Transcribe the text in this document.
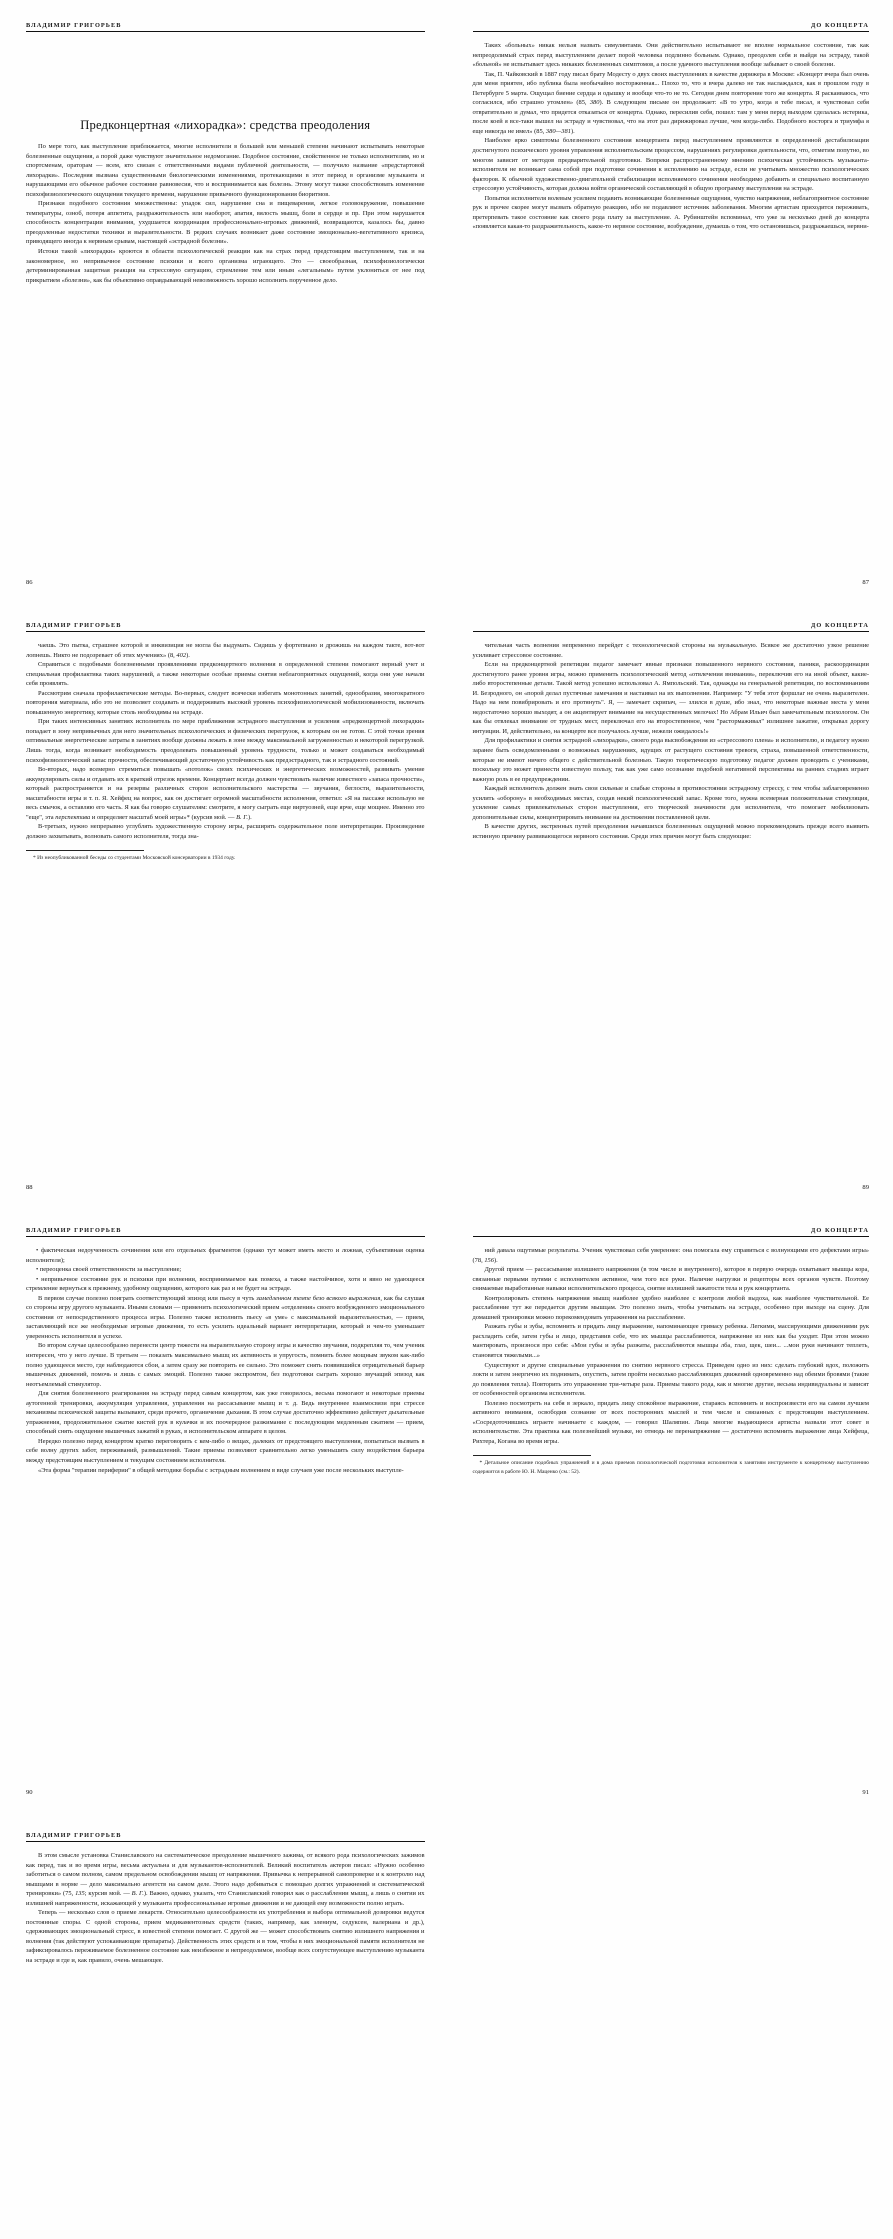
ВЛАДИМИР ГРИГОРЬЕВ
Предконцертная «лихорадка»: средства преодоления

По мере того, как выступление приближается, многие исполнители в большей или меньшей степени начинают испытывать некоторые болезненные ощущения, а порой даже чувствуют значительное недомогание. Подобное состояние, свойственное не только исполнителям, но и спортсменам, ораторам — всем, кто связан с ответственными видами публичной деятельности, — получило название «предстартовой лихорадки». Последняя вызвана существенными биологическими изменениями, протекающими в этот период в организме музыканта и нарушающими его обычное рабочее состояние равновесия, что и воспринимается как болезнь. Этому могут также способствовать изменение психофизиологического ощущения текущего времени, нарушение привычного функционирования биоритмов.

Признаки подобного состояния множественны: упадок сил, нарушение сна и пищеварения, легкое головокружение, повышение температуры, озноб, потеря аппетита, раздражительность или наоборот, апатия, вялость мышц, боли в сердце и пр. При этом нарушается способность концентрации внимания, ухудшается координация профессионально-игровых движений, возвращаются, казалось бы, давно преодоленные недостатки техники и выразительности. В редких случаях возникает даже состояние эмоционально-вегетативного кризиса, приводящего иногда к нервным срывам, настоящей «эстрадной болезни».

Истоки такой «лихорадки» кроются в области психологической реакции как на страх перед предстоящим выступлением, так и на закономерное, но непривычное состояние психики и всего организма играющего. Это — своеобразная, психофизиологически детерминированная защитная реакция на стрессовую ситуацию, стремление тем или иным «легальным» путем уклониться от нее под прикрытием «болезни», как бы объективно оправдывающей невозможность хорошо исполнить порученное дело.

86
ДО КОНЦЕРТА

Таких «больных» никак нельзя назвать симулянтами. Они действительно испытывают не вполне нормальное состояние, так как непреодолимый страх перед выступлением делает порой человека подлинно больным. Однако, преодолев себя и выйдя на эстраду, такой «больной» не испытывает здесь никаких болезненных симптомов, а после удачного выступления вообще забывает о своей болезни.

Так, П. Чайковский в 1887 году писал брату Модесту о двух своих выступлениях в качестве дирижера в Москве: «Концерт вчера был очень для меня приятен, ибо публика была необычайно восторженная... Плохо то, что я вчера далеко не так наслаждался, как в прошлом году в Петербурге 5 марта. Ощущал биение сердца и одышку и вообще что-то не то. Сегодня днем повторение того же концерта. Я раскаиваюсь, что согласился, ибо страшно утомлен» (85, 380). В следующем письме он продолжает: «В то утро, когда я тебе писал, я чувствовал себя отвратительно и думал, что придется отказаться от концерта. Однако, пересилив себя, пошел: там у меня перед выходом сделалась истерика, после коей я все-таки вышел на эстраду и чувствовал, что на этот раз дирижировал лучше, чем когда-либо. Подобного восторга и триумфа я еще никогда не имел» (85, 380—381).

Наиболее ярко симптомы болезненного состояния концертанта перед выступлением проявляются в определенной дестабилизации достигнутого психического уровня управления исполнительским процессом, нарушениях регулировки деятельности, что, отметим попутно, во многом зависит от методов предварительной подготовки. Вопреки распространенному мнению психическая устойчивость музыканта-исполнителя не возникает сама собой при подготовке сочинения к исполнению на эстраде, если не учитывать множество психологических факторов. К обычной художественно-двигательной стабилизации исполняемого сочинения необходимо добавить и специально воспитанную стрессовую устойчивость, которая должна войти органической составляющей в общую программу выступления на эстраде.

Попытки исполнителя волевым усилием подавить возникающие болезненные ощущения, чувство напряжения, неблагоприятное состояние рук и прочее скорее могут вызвать обратную реакцию, ибо не подавляют источник заболевания. Многим артистам приходится переживать, претерпевать такое состояние как своего рода плату за выступление. А. Рубинштейн вспоминал, что уже за несколько дней до концерта «появляется какая-то раздражительность, какое-то нервное состояние, возбуждение, думаешь о том, что остановишься, раздражаешься, нервни-

87
ВЛАДИМИР ГРИГОРЬЕВ

чаешь. Это пытка, страшнее которой и инквизиция не могла бы выдумать. Сидишь у фортепиано и дрожишь на каждом такте, вот-вот лопнешь. Никто не подозревает об этих мучениях» (8, 402).

Справиться с подобными болезненными проявлениями предконцертного волнения в определенной степени помогают верный учет и специальная профилактика таких нарушений, а также некоторые особые приемы снятия неблагоприятных ощущений, когда они уже начали себя проявлять.

Рассмотрим сначала профилактические методы. Во-первых, следует всячески избегать монотонных занятий, однообразия, многократного повторения материала, ибо это не позволяет создавать и поддерживать высокий уровень психофизиологической мобилизованности, включать повышенную энергетику, которые столь необходимы на эстраде.

При таких интенсивных занятиях исполнитель по мере приближения эстрадного выступления и усиления «предконцертной лихорадки» попадает в зону непривычных для него значительных психологических и физических перегрузок, к которым он не готов. С этой точки зрения оптимальные энергетические затраты в занятиях вообще должны лежать в зоне между максимальной загруженностью и некоторой перегрузкой. Лишь тогда, когда возникает необходимость преодолевать повышенный уровень трудности, только и может создаваться необходимый психофизиологический запас прочности, обеспечивающий достаточную устойчивость как предэстрадного, так и эстрадного состояний.

Во-вторых, надо всемерно стремиться повышать «потолок» своих психических и энергетических возможностей, развивать умение аккумулировать силы и отдавать их в краткий отрезок времени. Концертант всегда должен чувствовать наличие известного «запаса прочности», который распространяется и на резервы различных сторон исполнительского мастерства — звучания, беглости, выразительности, масштабности игры и т. п. Я. Хейфец на вопрос, как он достигает огромной масштабности исполнения, ответил: «Я на пассаже использую не весь смычок, а оставляю его часть. Я как бы говорю слушателям: смотрите, я могу сыграть еще виртуозней, еще ярче, еще мощнее. Именно это "еще", эта перспектива и определяет масштаб моей игры»* (курсив мой. — В. Г.).

В-третьих, нужно непрерывно углублять художественную сторону игры, расширять содержательное поле интерпретации. Произведение должно захватывать, волновать самого исполнителя, тогда зна-

* Из неопубликованной беседы со студентами Московской консерватории в 1934 году.

88
ДО КОНЦЕРТА

чительная часть волнения непременно перейдет с технологической стороны на музыкальную. Всякое же достаточно узкое решение усиливает стрессовое состояние.

Если на предконцертной репетиции педагог замечает явные признаки повышенного нервного состояния, паники, раскоординации достигнутого ранее уровня игры, можно применить психологический метод «отвлечения внимания», переключив его на иной объект, какие-либо второстепенные детали. Такой метод успешно использовал А. Ямпольский. Так, однажды на генеральной репетиции, по воспоминаниям И. Безродного, он «порой делал пустячные замечания и настаивал на их выполнении. Например: "У тебя этот форшлаг не очень выразителен. Надо на нем повибрировать и его протянуть". Я, — замечает скрипач, — злился в душе, ибо знал, что некоторые важные места у меня недостаточно хорошо выходят, а он акцентирует внимание на несущественных мелочах! Но Абрам Ильич был замечательным психологом. Он как бы отвлекал внимание от трудных мест, переключал его на второстепенное, чем "растормаживал" излишнее зажатие, открывал дорогу интуиции. И, действительно, на концерте все получалось лучше, нежели ожидалось!»

Для профилактики и снятия эстрадной «лихорадки», своего рода высвобождения из «стрессового плена» и исполнителю, и педагогу нужно заранее быть осведомленными о возможных нарушениях, идущих от растущего состояния тревоги, страха, повышенной ответственности, которые не имеют ничего общего с действительной болезнью. Такую теоретическую подготовку педагог должен проводить с учениками, поскольку это может принести известную пользу, так как уже само осознание подобной негативной перспективы на ранних стадиях играет важную роль в ее предупреждении.

Каждый исполнитель должен знать свои сильные и слабые стороны в противостоянии эстрадному стрессу, с тем чтобы заблаговременно усилить «оборону» в необходимых местах, создав некий психологический запас. Кроме того, нужна всемерная положительная стимуляция, усиление самых привлекательных сторон выступления, его творческой значимости для исполнителя, что помогает мобилизовать дополнительные силы, концентрировать внимание на достижении поставленной цели.

В качестве других, экстренных путей преодоления начавшихся болезненных ощущений можно порекомендовать прежде всего выявить истинную причину развивающегося нервного состояния. Среди этих причин могут быть следующие:

89
ВЛАДИМИР ГРИГОРЬЕВ

• фактическая недоученность сочинения или его отдельных фрагментов (однако тут может иметь место и ложная, субъективная оценка исполнителя);

• переоценка своей ответственности за выступление;

• непривычное состояние рук и психики при волнении, воспринимаемое как помеха, а также настойчивое, хотя и явно не удающееся стремление вернуться к прежнему, удобному ощущению, которого как раз и не будет на эстраде.

В первом случае полезно поиграть соответствующий эпизод или пьесу в чуть замедленном темпе безо всякого выражения, как бы слушая со стороны игру другого музыканта. Иными словами — применить психологический прием «отделения» своего возбужденного эмоционального состояния от непосредственного процесса игры. Полезно также исполнить пьесу «в уме» с максимальной выразительностью, — прием, заставляющий все же необходимые игровые движения, то есть усилить идеальный вариант интерпретации, который и чем-то уменьшает уверенность исполнителя в успехе.

Во втором случае целесообразно перенести центр тяжести на выразительную сторону игры и качество звучания, подкрепляя то, чем ученик интересен, что у него лучше. В третьем — показать максимально мышц их активность и упругость, помнить более мощным звуком как-либо полно удающееся место, где наблюдаются сбои, а затем сразу же повторить ее сильно. Это поможет снять появившийся отрицательный барьер мышечных движений, помочь и лишь с самых эмоций. Полезно также экспромтом, без подготовки сыграть хорошо звучащий эпизод как неотъемлемый стимулятор.

Для снятия болезненного реагирования на эстраду перед самым концертом, как уже говорилось, весьма помогают и некоторые приемы аутогенной тренировки, аккумуляция управления, управления на рассасывание мышц и т. д. Ведь внутреннее взаимосвязи при стрессе механизмы психической защиты вызывают, среди прочего, органичение дыхания. В этом случае достаточно эффективно действует дыхательные упражнения, продолжительное сжатие кистей рук в кулачки и их поочередное разжимание с последующим медленным сжатием — прием, способный снять ощущение мышечных зажатий в руках, в исполнительском аппарате в целом.

Нередко полезно перед концертом кратко переговорить с кем-либо о вещах, далеких от предстоящего выступления, попытаться вызвать в себе волну других забот, переживаний, размышлений. Такие приемы позволяют сравнительно легко уменьшить силу воздействия барьера между предстоящим выступлением и текущим состоянием исполнителя.

«Эта форма "терапии периферии" в общей методике борьбы с эстрадным волнением в виде случаев уже после нескольких выступле-

90
ДО КОНЦЕРТА

ний давала ощутимые результаты. Ученик чувствовал себя увереннее: она помогала ему справиться с волнующими его дефектами игры» (78, 156).

Другой прием — рассасывание излишнего напряжения (в том числе и внутреннего), которое в первую очередь охватывает мышцы кора, связанные первыми путями с исполнителем активное, чем того все руки. Наличие нагрузки и рецепторы всех органов чувств. Поэтому снимаемые выработанные навыки исполнительского процесса, снятие излишней зажатости тела и рук концертанта.

Контролировать степень напряжения мышц наиболее удобно наиболее с контроля любой выдоха, как наиболее чувствительной. Ее расслабление тут же передается другим мышцам. Это полезно знать, чтобы учитывать на эстраде, особенно при выходе на сцену. Для домашней тренировки можно порекомендовать упражнения на расслабление.

Разжать губы и зубы, вспомнить и придать лицу выражение, напоминающее гримасу ребенка. Легкими, массирующими движениями рук расхладить себя, затем губы и лицо, представив себе, что их мышцы расслабляются, напряжение из них как бы уходит. При этом можно мантировать, произнося про себя: «Мои губы и зубы разжаты, расслабляются мышцы лба, глаз, щек, шеи... ...мои руки начинают теплеть, становятся тяжелыми...»

Существуют и другие специальные упражнения по снятию нервного стресса. Приведем одно из них: сделать глубокий вдох, положить локти и затем энергично их поднимать, опустить, затем пройти несколько расслабляющих движений одновременно над обеими бровями (такие до появления тепла). Повторить это упражнение три-четыре раза. Приемы такого рода, как и многие другие, весьма индивидуальны и зависят от особенностей организма исполнителя.

Полезно посмотреть на себя в зеркало, придать лицу спокойное выражение, стараясь вспомнить и воспроизвести его на самом лучшем активного внимания, освободив сознание от всех посторонних мыслей и тем числе и связанных с предстоящим выступлением. «Сосредоточившись играете начинаете с каждом, — говорил Шаляпин. Лица многие выдающиеся артисты назвали этот совет в исполнительстве. Эта практика как полезнейший музыке, но отнюдь не перенапряжение — достаточно вспомнить выражение лица Хейфеца, Рихтера, Когана во время игры.

* Детальное описание подобных упражнений и в дома приемов психологической подготовки исполнителя к занятиям инструменте к концертному выступлению содержится в работе Ю. Н. Маценко (см.: 52).

91
ВЛАДИМИР ГРИГОРЬЕВ

В этом смысле установка Станиславского на систематическое преодоление мышечного зажима, от всякого рода психологических зажимов как перед, так и во время игры, весьма актуальна и для музыкантов-исполнителей. Великий воспитатель актеров писал: «Нужно особенно заботиться о самом полном, самом предельном освобождении мышц от напряжения. Привычка к непрерывной самопроверке и к контролю над мышцами в норме — дело максимально агентств на самом деле. Этого надо добиваться с помощью долгих упражнений и систематической тренировки» (75, 135; курсив мой. — В. Г.). Важно, однако, указать, что Станиславский говорил как о расслаблении мышц, а лишь о снятии их излишней напряженности, искажающей у музыканта профессиональные игровые движения и не дающей ему возможности полно играть.

Теперь — несколько слов о приеме лекарств. Относительно целесообразности их употребления и выбора оптимальной дозировки ведутся постоянные споры. С одной стороны, прием медикаментозных средств (таких, например, как элениум, седуксен, валериана и др.), сдерживающих эмоциональный стресс, в известной степени помогает. С другой же — может способствовать снятию излишнего напряжения и волнения (так действуют успокаивающие препараты). Действенность этих средств и в том, чтобы в них эмоциональной памяти исполнителя не зафиксировалось переживаемое болезненное состояние как неизбежное и непреодолимое, вообще всех сопутствующее выступлению музыканта на эстраде и где и, как правило, очень мешающее.
